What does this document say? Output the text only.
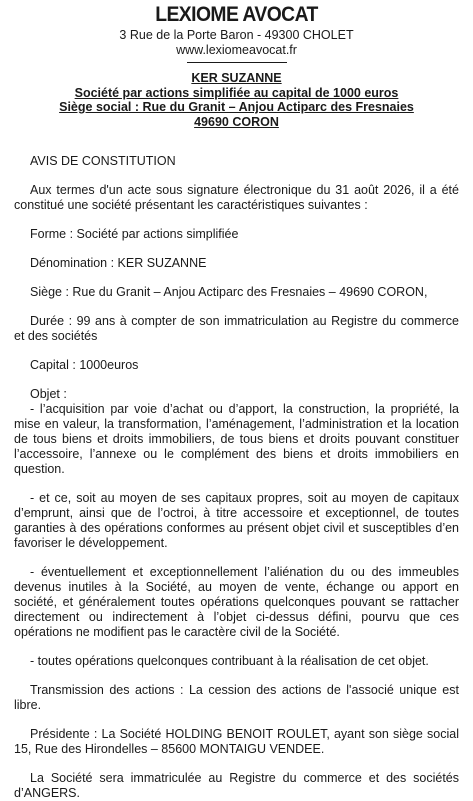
LEXIOME AVOCAT
3 Rue de la Porte Baron - 49300 CHOLET
www.lexiomeavocat.fr
KER SUZANNE
Société par actions simplifiée au capital de 1000 euros
Siège social : Rue du Granit – Anjou Actiparc des Fresnaies
49690 CORON

AVIS DE CONSTITUTION

Aux termes d'un acte sous signature électronique du 31 août 2026, il a été constitué une société présentant les caractéristiques suivantes :

Forme : Société par actions simplifiée

Dénomination : KER SUZANNE

Siège : Rue du Granit – Anjou Actiparc des Fresnaies – 49690 CORON,

Durée : 99 ans à compter de son immatriculation au Registre du commerce et des sociétés

Capital : 1000euros

Objet :

- l’acquisition par voie d’achat ou d’apport, la construction, la propriété, la mise en valeur, la transformation, l’aménagement, l’administration et la location de tous biens et droits immobiliers, de tous biens et droits pouvant constituer l’accessoire, l’annexe ou le complément des biens et droits immobiliers en question.

- et ce, soit au moyen de ses capitaux propres, soit au moyen de capitaux d’emprunt, ainsi que de l’octroi, à titre accessoire et exceptionnel, de toutes garanties à des opérations conformes au présent objet civil et susceptibles d’en favoriser le développement.

- éventuellement et exceptionnellement l’aliénation du ou des immeubles devenus inutiles à la Société, au moyen de vente, échange ou apport en société, et généralement toutes opérations quelconques pouvant se rattacher directement ou indirectement à l’objet ci-dessus défini, pourvu que ces opérations ne modifient pas le caractère civil de la Société.

- toutes opérations quelconques contribuant à la réalisation de cet objet.

Transmission des actions : La cession des actions de l'associé unique est libre.

Présidente : La Société HOLDING BENOIT ROULET, ayant son siège social 15, Rue des Hirondelles – 85600 MONTAIGU VENDEE.

La Société sera immatriculée au Registre du commerce et des sociétés d’ANGERS.
